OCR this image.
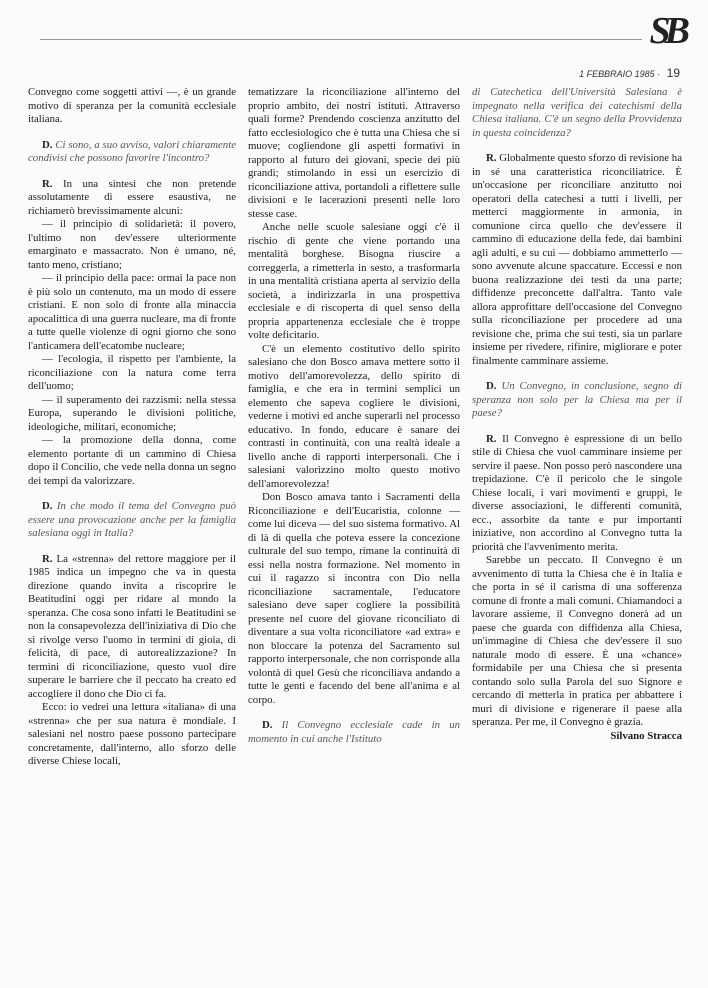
SB
1 FEBBRAIO 1985 · 19

Convegno come soggetti attivi —, è un grande motivo di speranza per la comunità ecclesiale italiana.

D. Ci sono, a suo avviso, valori chiaramente condivisi che possono favorire l'incontro?

R. In una sintesi che non pretende assolutamente di essere esaustiva, ne richiamerò brevissimamente alcuni:

— il principio di solidarietà: il povero, l'ultimo non dev'essere ulteriormente emarginato e massacrato. Non è umano, né, tanto meno, cristiano;

— il principio della pace: ormai la pace non è più solo un contenuto, ma un modo di essere cristiani. E non solo di fronte alla minaccia apocalittica di una guerra nucleare, ma di fronte a tutte quelle violenze di ogni giorno che sono l'anticamera dell'ecatombe nucleare;

— l'ecologia, il rispetto per l'ambiente, la riconciliazione con la natura come terra dell'uomo;

— il superamento dei razzismi: nella stessa Europa, superando le divisioni politiche, ideologiche, militari, economiche;

— la promozione della donna, come elemento portante di un cammino di Chiesa dopo il Concilio, che vede nella donna un segno dei tempi da valorizzare.

D. In che modo il tema del Convegno può essere una provocazione anche per la famiglia salesiana oggi in Italia?

R. La «strenna» del rettore maggiore per il 1985 indica un impegno che va in questa direzione quando invita a riscoprire le Beatitudini oggi per ridare al mondo la speranza. Che cosa sono infatti le Beatitudini se non la consapevolezza dell'iniziativa di Dio che si rivolge verso l'uomo in termini di gioia, di felicità, di pace, di autorealizzazione? In termini di riconciliazione, questo vuol dire superare le barriere che il peccato ha creato ed accogliere il dono che Dio ci fa.

Ecco: io vedrei una lettura «italiana» di una «strenna» che per sua natura è mondiale. I salesiani nel nostro paese possono partecipare concretamente, dall'interno, allo sforzo delle diverse Chiese locali,

tematizzare la riconciliazione all'interno del proprio ambito, dei nostri istituti. Attraverso quali forme? Prendendo coscienza anzitutto del fatto ecclesiologico che è tutta una Chiesa che si muove; cogliendone gli aspetti formativi in rapporto al futuro dei giovani, specie dei più grandi; stimolando in essi un esercizio di riconciliazione attiva, portandoli a riflettere sulle divisioni e le lacerazioni presenti nelle loro stesse case.

Anche nelle scuole salesiane oggi c'è il rischio di gente che viene portando una mentalità borghese. Bisogna riuscire a correggerla, a rimetterla in sesto, a trasformarla in una mentalità cristiana aperta al servizio della società, a indirizzarla in una prospettiva ecclesiale e di riscoperta di quel senso della propria appartenenza ecclesiale che è troppe volte deficitario.

C'è un elemento costitutivo dello spirito salesiano che don Bosco amava mettere sotto il motivo dell'amorevolezza, dello spirito di famiglia, e che era in termini semplici un elemento che sapeva cogliere le divisioni, vederne i motivi ed anche superarli nel processo educativo. In fondo, educare è sanare dei contrasti in continuità, con una realtà ideale a livello anche di rapporti interpersonali. Che i salesiani valorizzino molto questo motivo dell'amorevolezza!

Don Bosco amava tanto i Sacramenti della Riconciliazione e dell'Eucaristia, colonne — come lui diceva — del suo sistema formativo. Al di là di quella che poteva essere la concezione culturale del suo tempo, rimane la continuità di essi nella nostra formazione. Nel momento in cui il ragazzo si incontra con Dio nella riconciliazione sacramentale, l'educatore salesiano deve saper cogliere la possibilità presente nel cuore del giovane riconciliato di diventare a sua volta riconciliatore «ad extra» e non bloccare la potenza del Sacramento sul rapporto interpersonale, che non corrisponde alla volontà di quel Gesù che riconciliava andando a tutte le genti e facendo del bene all'anima e al corpo.

D. Il Convegno ecclesiale cade in un momento in cui anche l'Istituto

di Catechetica dell'Università Salesiana è impegnato nella verifica dei catechismi della Chiesa italiana. C'è un segno della Provvidenza in questa coincidenza?

R. Globalmente questo sforzo di revisione ha in sé una caratteristica riconciliatrice. È un'occasione per riconciliare anzitutto noi operatori della catechesi a tutti i livelli, per metterci maggiormente in armonia, in comunione circa quello che dev'essere il cammino di educazione della fede, dai bambini agli adulti, e su cui — dobbiamo ammetterlo — sono avvenute alcune spaccature. Eccessi e non buona realizzazione dei testi da una parte; diffidenze preconcette dall'altra. Tanto vale allora approfittare dell'occasione del Convegno sulla riconciliazione per procedere ad una revisione che, prima che sui testi, sia un parlare insieme per rivedere, rifinire, migliorare e poter finalmente camminare assieme.

D. Un Convegno, in conclusione, segno di speranza non solo per la Chiesa ma per il paese?

R. Il Convegno è espressione di un bello stile di Chiesa che vuol camminare insieme per servire il paese. Non posso però nascondere una trepidazione. C'è il pericolo che le singole Chiese locali, i vari movimenti e gruppi, le diverse associazioni, le differenti comunità, ecc., assorbite da tante e pur importanti iniziative, non accordino al Convegno tutta la priorità che l'avvenimento merita.

Sarebbe un peccato. Il Convegno è un avvenimento di tutta la Chiesa che è in Italia e che porta in sé il carisma di una sofferenza comune di fronte a mali comuni. Chiamandoci a lavorare assieme, il Convegno donerà ad un paese che guarda con diffidenza alla Chiesa, un'immagine di Chiesa che dev'essere il suo naturale modo di essere. È una «chance» formidabile per una Chiesa che si presenta contando solo sulla Parola del suo Signore e cercando di metterla in pratica per abbattere i muri di divisione e rigenerare il paese alla speranza. Per me, il Convegno è grazia.

Silvano Stracca
